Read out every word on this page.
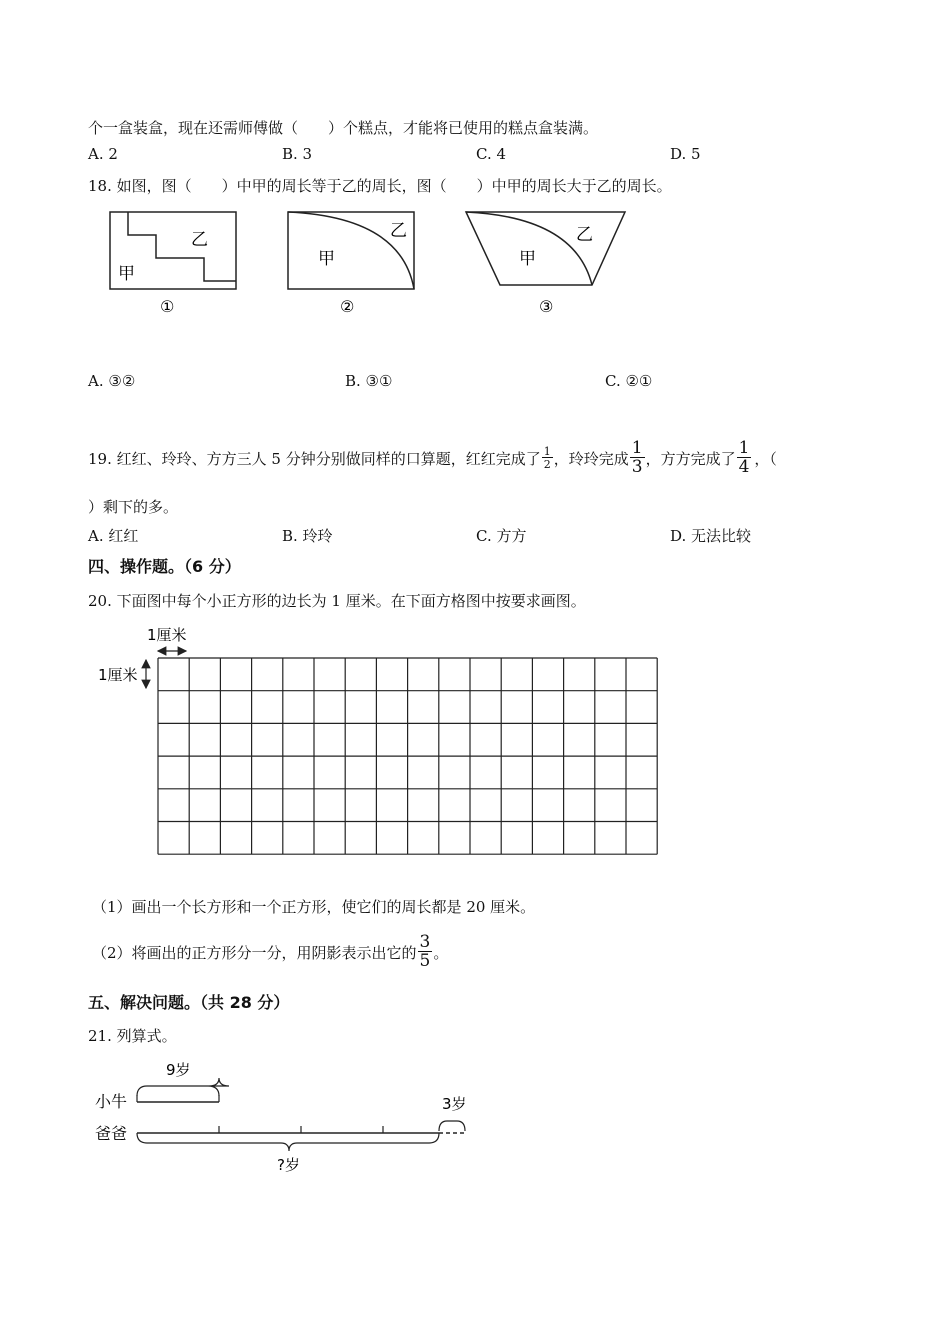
个一盒装盒，现在还需师傅做（　　）个糕点，才能将已使用的糕点盒装满。
A. 2	B. 3	C. 4	D. 5
18. 如图，图（　　）中甲的周长等于乙的周长，图（　　）中甲的周长大于乙的周长。
乙
甲
①
乙
甲
②
乙
甲
③
A. ③②	B. ③①	C. ②①
19. 红红、玲玲、方方三人 5 分钟分别做同样的口算题，红红完成了 $\frac{1}{2}$ ，玲玲完成 $\frac{1}{3}$ ，方方完成了 $\frac{1}{4}$ ，（
）剩下的多。
A. 红红	B. 玲玲	C. 方方	D. 无法比较
四、操作题。（6 分）
20. 下面图中每个小正方形的边长为 1 厘米。在下面方格图中按要求画图。
1厘米
1厘米
（1）画出一个长方形和一个正方形，使它们的周长都是 20 厘米。
（2）将画出的正方形分一分，用阴影表示出它的 $\frac{3}{5}$ 。
五、解决问题。（共 28 分）
21. 列算式。
9岁
小牛	3岁
爸爸
?岁
